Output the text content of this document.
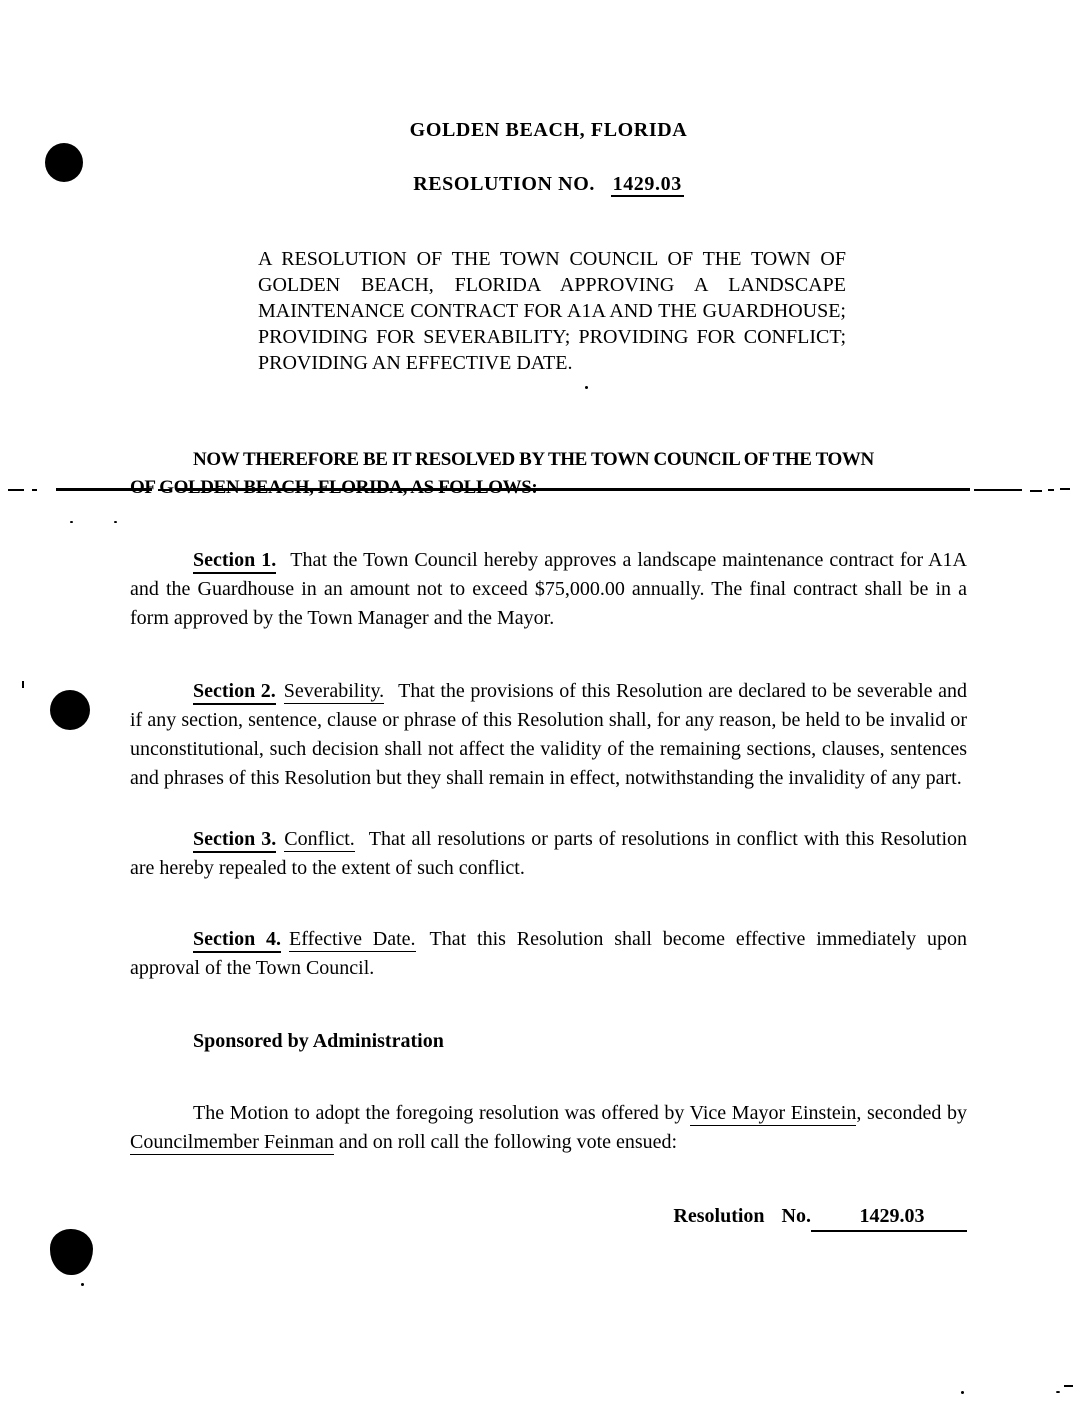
GOLDEN BEACH, FLORIDA
RESOLUTION NO. 1429.03
A RESOLUTION OF THE TOWN COUNCIL OF THE TOWN OF GOLDEN BEACH, FLORIDA APPROVING A LANDSCAPE MAINTENANCE CONTRACT FOR A1A AND THE GUARDHOUSE; PROVIDING FOR SEVERABILITY; PROVIDING FOR CONFLICT; PROVIDING AN EFFECTIVE DATE.
NOW THEREFORE BE IT RESOLVED BY THE TOWN COUNCIL OF THE TOWN
OF GOLDEN BEACH, FLORIDA, AS FOLLOWS:

Section 1. That the Town Council hereby approves a landscape maintenance contract for A1A and the Guardhouse in an amount not to exceed $75,000.00 annually. The final contract shall be in a form approved by the Town Manager and the Mayor.

Section 2. Severability. That the provisions of this Resolution are declared to be severable and if any section, sentence, clause or phrase of this Resolution shall, for any reason, be held to be invalid or unconstitutional, such decision shall not affect the validity of the remaining sections, clauses, sentences and phrases of this Resolution but they shall remain in effect, notwithstanding the invalidity of any part.

Section 3. Conflict. That all resolutions or parts of resolutions in conflict with this Resolution are hereby repealed to the extent of such conflict.

Section 4. Effective Date. That this Resolution shall become effective immediately upon approval of the Town Council.

Sponsored by Administration

The Motion to adopt the foregoing resolution was offered by Vice Mayor Einstein, seconded by Councilmember Feinman and on roll call the following vote ensued:

Resolution No. 1429.03
